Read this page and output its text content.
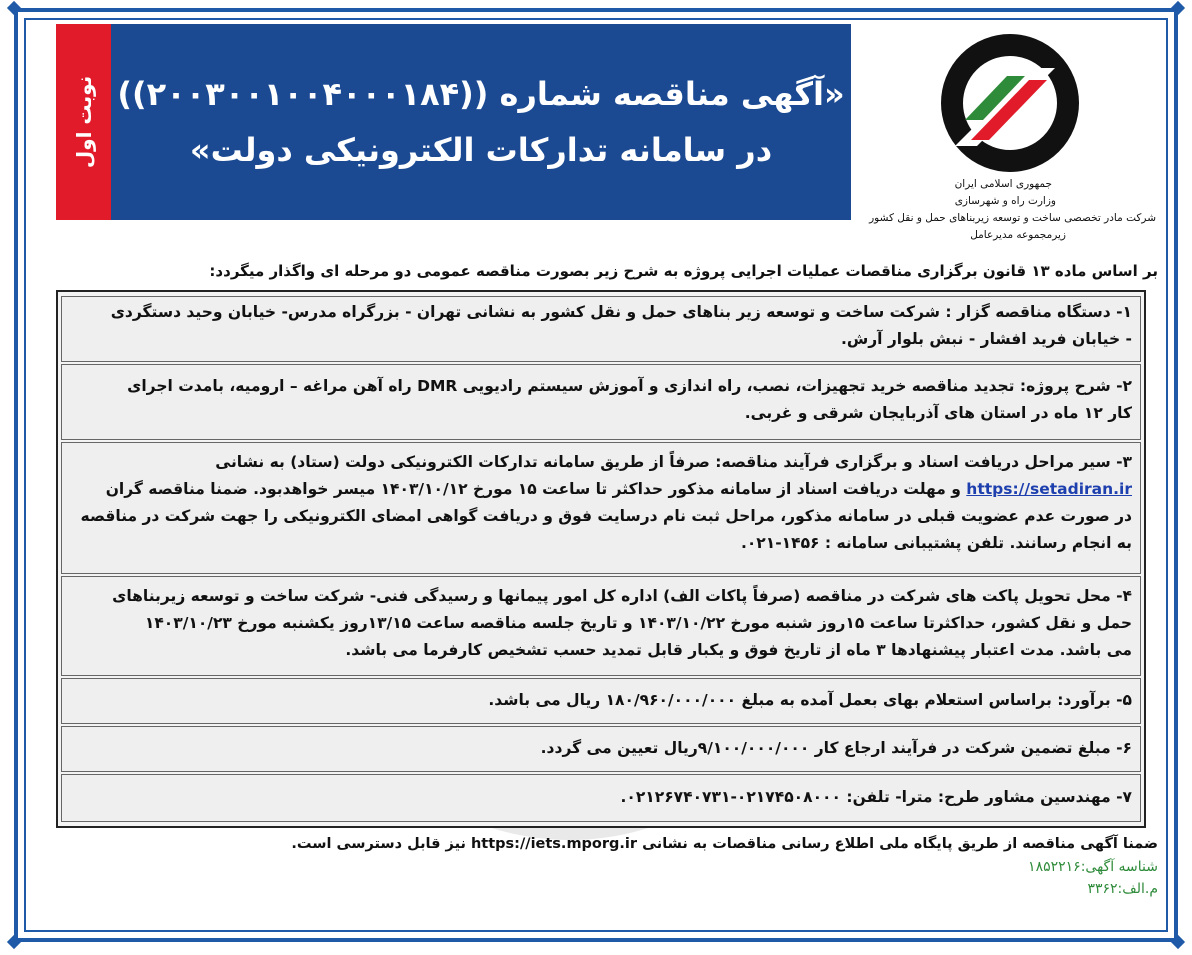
نوبت اول «آگهی مناقصه شماره ((۲۰۰۳۰۰۱۰۰۴۰۰۰۱۸۴))
در سامانه تدارکات الکترونیکی دولت»
جمهوری اسلامی ایران
وزارت راه و شهرسازی
شرکت مادر تخصصی ساخت و توسعه زیربناهای حمل و نقل کشور
زیرمجموعه مدیرعامل
بر اساس ماده ۱۳ قانون برگزاری مناقصات عملیات اجرایی پروژه به شرح زیر بصورت مناقصه عمومی دو مرحله ای واگذار میگردد:
۱- دستگاه مناقصه گزار : شرکت ساخت و توسعه زیر بناهای حمل و نقل کشور به نشانی تهران - بزرگراه مدرس- خیابان وحید دستگردی
- خیابان فرید افشار - نبش بلوار آرش.
۲- شرح پروژه: تجدید مناقصه خرید تجهیزات، نصب، راه اندازی و آموزش سیستم رادیویی DMR راه آهن مراغه – ارومیه، بامدت اجرای
کار ۱۲ ماه در استان های آذربایجان شرقی و غربی.
۳- سیر مراحل دریافت اسناد و برگزاری فرآیند مناقصه: صرفاً از طریق سامانه تدارکات الکترونیکی دولت (ستاد) به نشانی
https://setadiran.ir و مهلت دریافت اسناد از سامانه مذکور حداکثر تا ساعت ۱۵ مورخ ۱۴۰۳/۱۰/۱۲ میسر خواهدبود. ضمنا مناقصه گران
در صورت عدم عضویت قبلی در سامانه مذکور، مراحل ثبت نام درسایت فوق و دریافت گواهی امضای الکترونیکی را جهت شرکت در مناقصه
به انجام رسانند. تلفن پشتیبانی سامانه : ۱۴۵۶-۰۲۱.
۴- محل تحویل پاکت های شرکت در مناقصه (صرفاً پاکات الف) اداره کل امور پیمانها و رسیدگی فنی- شرکت ساخت و توسعه زیربناهای
حمل و نقل کشور، حداکثرتا ساعت ۱۵روز شنبه مورخ ۱۴۰۳/۱۰/۲۲ و تاریخ جلسه مناقصه ساعت ۱۳/۱۵روز یکشنبه مورخ ۱۴۰۳/۱۰/۲۳
می باشد. مدت اعتبار پیشنهادها ۳ ماه از تاریخ فوق و یکبار قابل تمدید حسب تشخیص کارفرما می باشد.
۵- برآورد: براساس استعلام بهای بعمل آمده به مبلغ ۱۸۰/۹۶۰/۰۰۰/۰۰۰ ریال می باشد.
۶- مبلغ تضمین شرکت در فرآیند ارجاع کار ۹/۱۰۰/۰۰۰/۰۰۰ریال تعیین می گردد.
۷- مهندسین مشاور طرح: مترا- تلفن: ۰۲۱۷۴۵۰۸۰۰۰-۰۲۱۲۶۷۴۰۷۳۱.
ضمنا آگهی مناقصه از طریق پایگاه ملی اطلاع رسانی مناقصات به نشانی https://iets.mporg.ir نیز قابل دسترسی است.
شناسه آگهی:۱۸۵۲۲۱۶
م.الف:۳۳۶۲
